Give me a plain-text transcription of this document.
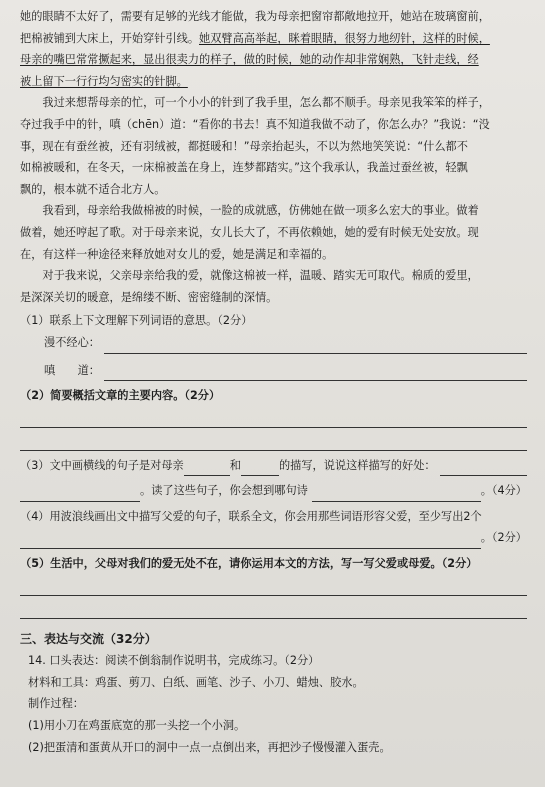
她的眼睛不太好了，需要有足够的光线才能做，我为母亲把窗帘都敞地拉开，她站在玻璃窗前，
把棉被铺到大床上，开始穿针引线。她双臂高高举起，眯着眼睛，很努力地纫针，这样的时候，
母亲的嘴巴常常撅起来，显出很卖力的样子，做的时候，她的动作却非常娴熟，飞针走线，经
被上留下一行行均匀密实的针脚。
我过来想帮母亲的忙，可一个小小的针到了我手里，怎么都不顺手。母亲见我笨笨的样子，
夺过我手中的针，嗔（chēn）道：“看你的书去！真不知道我做不动了，你怎么办？”我说：“没
事，现在有蚕丝被，还有羽绒被，都挺暖和！”母亲抬起头，不以为然地笑笑说：“什么都不
如棉被暖和，在冬天，一床棉被盖在身上，连梦都踏实。”这个我承认，我盖过蚕丝被，轻飘
飘的，根本就不适合北方人。
我看到，母亲给我做棉被的时候，一脸的成就感，仿佛她在做一项多么宏大的事业。做着
做着，她还哼起了歌。对于母亲来说，女儿长大了，不再依赖她，她的爱有时候无处安放。现
在，有这样一种途径来释放她对女儿的爱，她是满足和幸福的。
对于我来说，父亲母亲给我的爱，就像这棉被一样，温暖、踏实无可取代。棉质的爱里，
是深深关切的暖意，是绵缕不断、密密缝制的深情。
（1）联系上下文理解下列词语的意思。（2分）
漫不经心：
嗔　　道：
（2）简要概括文章的主要内容。（2分）
（3）文中画横线的句子是对母亲	和	的描写，说说这样描写的好处：
。读了这些句子，你会想到哪句诗	。（4分）
（4）用波浪线画出文中描写父爱的句子，联系全文，你会用那些词语形容父爱，至少写出2个
。（2分）
（5）生活中，父母对我们的爱无处不在，请你运用本文的方法，写一写父爱或母爱。（2分）
三、表达与交流（32分）
14. 口头表达：阅读不倒翁制作说明书，完成练习。（2分）
材料和工具：鸡蛋、剪刀、白纸、画笔、沙子、小刀、蜡烛、胶水。
制作过程：
(1)用小刀在鸡蛋底宽的那一头挖一个小洞。
(2)把蛋清和蛋黄从开口的洞中一点一点倒出来，再把沙子慢慢灌入蛋壳。
